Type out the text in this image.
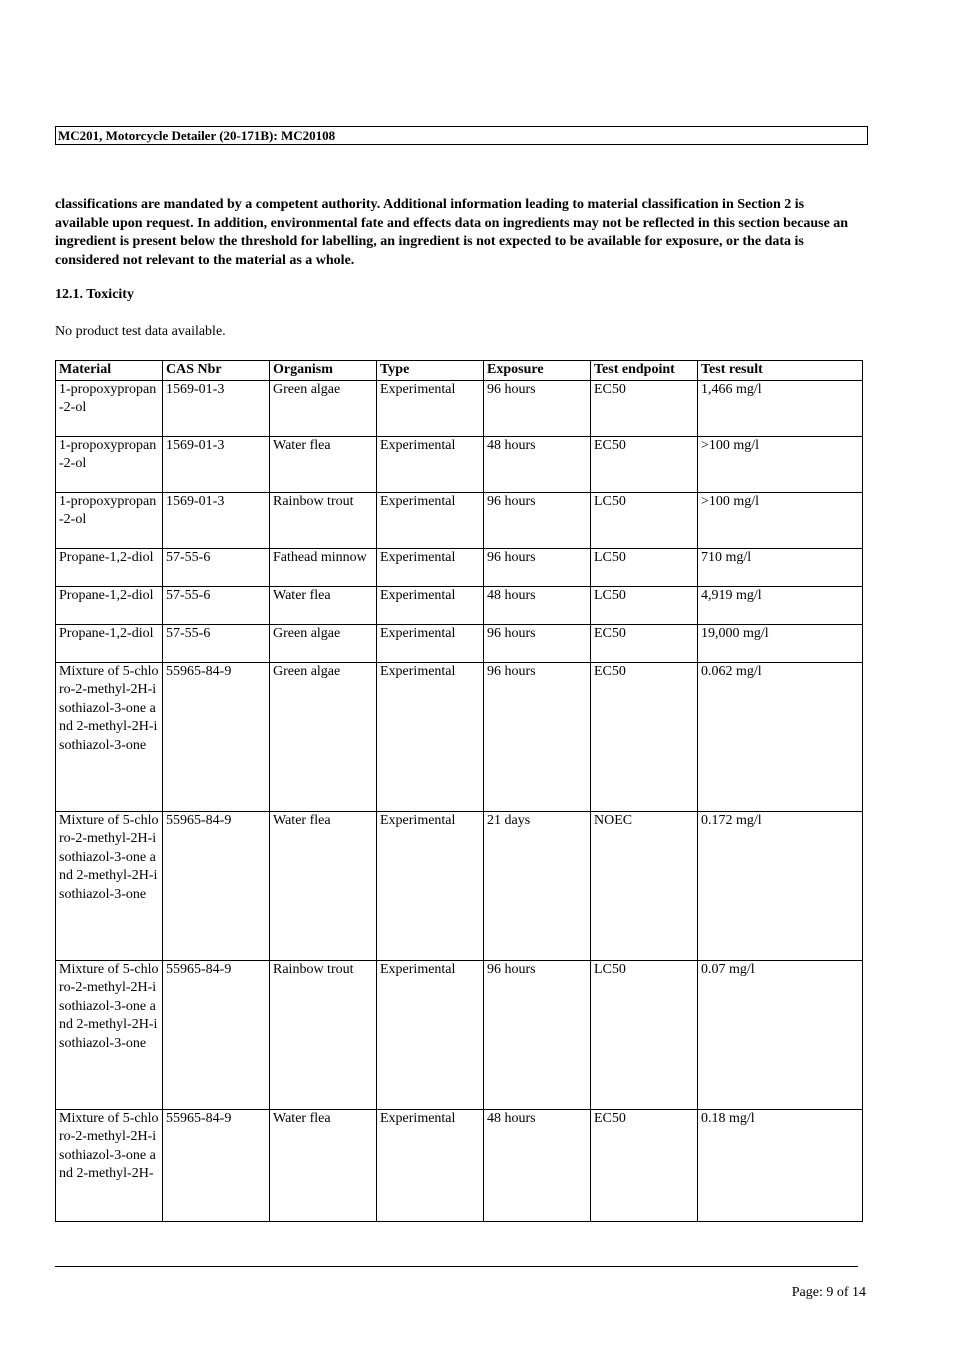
MC201, Motorcycle Detailer (20-171B): MC20108

classifications are mandated by a competent authority. Additional information leading to material classification in Section 2 is available upon request. In addition, environmental fate and effects data on ingredients may not be reflected in this section because an ingredient is present below the threshold for labelling, an ingredient is not expected to be available for exposure, or the data is considered not relevant to the material as a whole.

12.1. Toxicity

No product test data available.

Material	CAS Nbr	Organism	Type	Exposure	Test endpoint	Test result
1-propoxypropan-2-ol	1569-01-3	Green algae	Experimental	96 hours	EC50	1,466 mg/l
1-propoxypropan-2-ol	1569-01-3	Water flea	Experimental	48 hours	EC50	>100 mg/l
1-propoxypropan-2-ol	1569-01-3	Rainbow trout	Experimental	96 hours	LC50	>100 mg/l
Propane-1,2-diol	57-55-6	Fathead minnow	Experimental	96 hours	LC50	710 mg/l
Propane-1,2-diol	57-55-6	Water flea	Experimental	48 hours	LC50	4,919 mg/l
Propane-1,2-diol	57-55-6	Green algae	Experimental	96 hours	EC50	19,000 mg/l
Mixture of 5-chloro-2-methyl-2H-isothiazol-3-one and 2-methyl-2H-isothiazol-3-one	55965-84-9	Green algae	Experimental	96 hours	EC50	0.062 mg/l
Mixture of 5-chloro-2-methyl-2H-isothiazol-3-one and 2-methyl-2H-isothiazol-3-one	55965-84-9	Water flea	Experimental	21 days	NOEC	0.172 mg/l
Mixture of 5-chloro-2-methyl-2H-isothiazol-3-one and 2-methyl-2H-isothiazol-3-one	55965-84-9	Rainbow trout	Experimental	96 hours	LC50	0.07 mg/l
Mixture of 5-chloro-2-methyl-2H-isothiazol-3-one and 2-methyl-2H-	55965-84-9	Water flea	Experimental	48 hours	EC50	0.18 mg/l
Page: 9 of 14
